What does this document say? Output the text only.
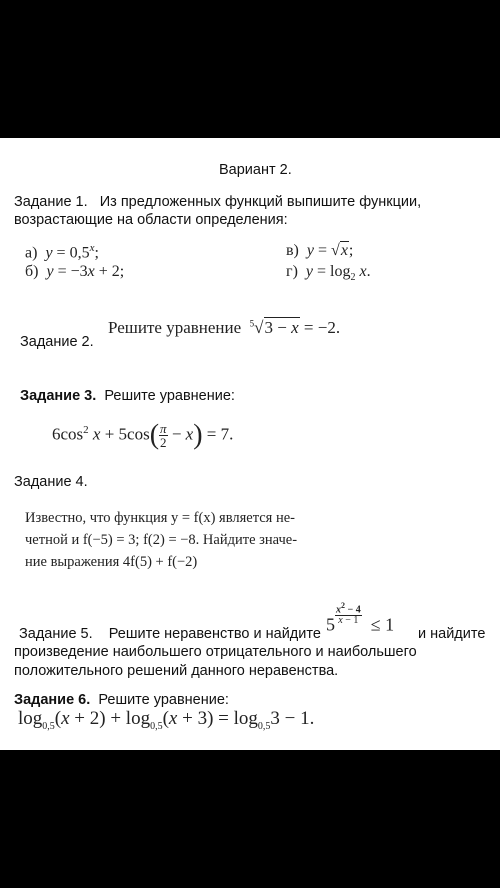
Вариант 2.
Задание 1. Из предложенных функций выпишите функции,
возрастающие на области определения:
а) $y = 0,5^x$;
б) y = −3x + 2;
в) y = √x;
г) $y = \log_2 x$.
Задание 2.
Решите уравнение $^5$√3 − x = −2.
Задание 3. Решите уравнение:
$6\cos^2$ $x + 5\cos( \frac{\pi}{2} - x) = 7$.
Задание 4.
Известно, что функция y = f(x) является не-
четной и f(−5) = 3; f(2) = −8. Найдите значе-
ние выражения 4f(5) + f(−2)
Задание 5. Решите неравенство и найдите $5 \frac{x^2 - 4}{x - 1} \le 1$ и найдите
произведение наибольшего отрицательного и наибольшего
положительного решений данного неравенства.
Задание 6. Решите уравнение:
$\log_{0,5}(x + 2) + \log_{0,5}(x + 3) = \log_{0,5}3 - 1$.
